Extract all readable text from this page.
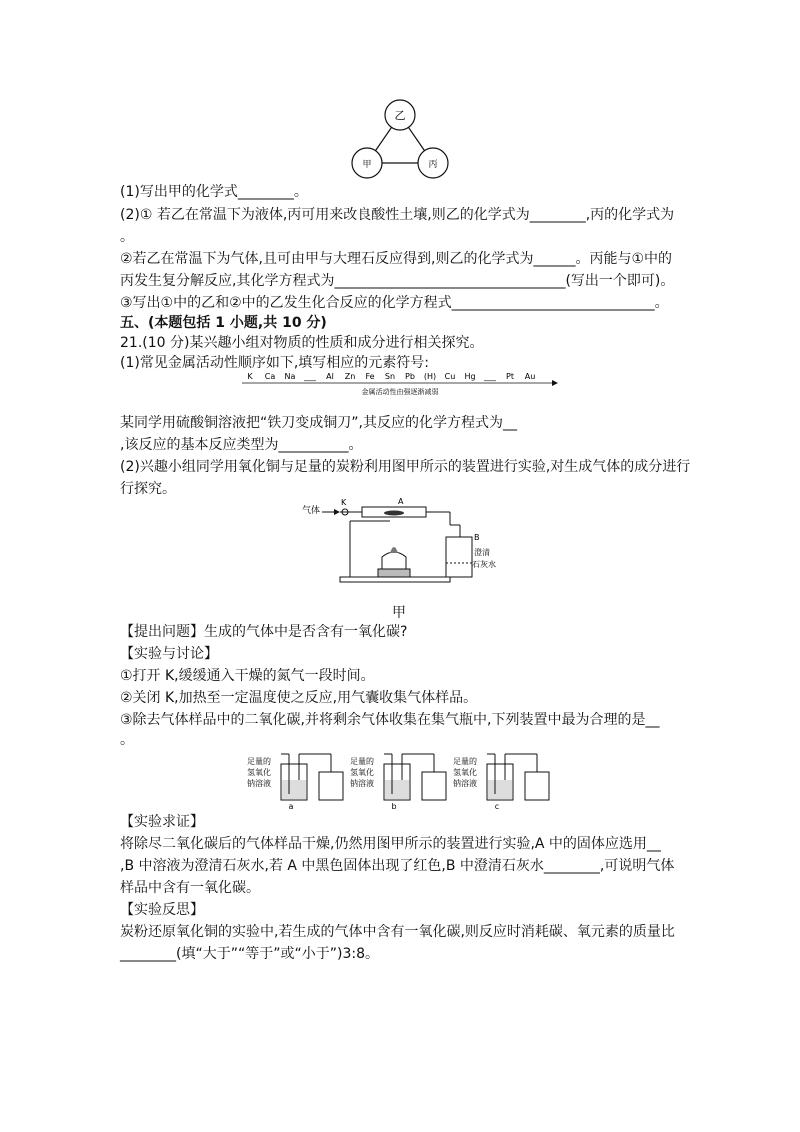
乙
甲	丙
(1)写出甲的化学式________。
(2)① 若乙在常温下为液体,丙可用来改良酸性土壤,则乙的化学式为________,丙的化学式为
。
②若乙在常温下为气体,且可由甲与大理石反应得到,则乙的化学式为______。丙能与①中的
丙发生复分解反应,其化学方程式为_________________________________(写出一个即可)。
③写出①中的乙和②中的乙发生化合反应的化学方程式_____________________________。
五、(本题包括 1 小题,共 10 分)
21.(10 分)某兴趣小组对物质的性质和成分进行相关探究。
(1)常见金属活动性顺序如下,填写相应的元素符号:
K Ca Na ___ Al Zn Fe Sn Pb (H) Cu Hg ___ Pt Au
金属活动性由强逐渐减弱
某同学用硫酸铜溶液把“铁刀变成铜刀”,其反应的化学方程式为__
,该反应的基本反应类型为__________。
(2)兴趣小组同学用氧化铜与足量的炭粉利用图甲所示的装置进行实验,对生成气体的成分进行
行探究。
气体
K	A
B
澄清
石灰水
甲
【提出问题】生成的气体中是否含有一氧化碳?
【实验与讨论】
①打开 K,缓缓通入干燥的氮气一段时间。
②关闭 K,加热至一定温度使之反应,用气囊收集气体样品。
③除去气体样品中的二氧化碳,并将剩余气体收集在集气瓶中,下列装置中最为合理的是__
。
足量的
氢氧化
钠溶液
a
足量的
氢氧化
钠溶液
b
足量的
氢氧化
钠溶液
c
【实验求证】
将除尽二氧化碳后的气体样品干燥,仍然用图甲所示的装置进行实验,A 中的固体应选用__
,B 中溶液为澄清石灰水,若 A 中黑色固体出现了红色,B 中澄清石灰水________,可说明气体
样品中含有一氧化碳。
【实验反思】
炭粉还原氧化铜的实验中,若生成的气体中含有一氧化碳,则反应时消耗碳、氧元素的质量比
________(填“大于”“等于”或“小于”)3:8。
